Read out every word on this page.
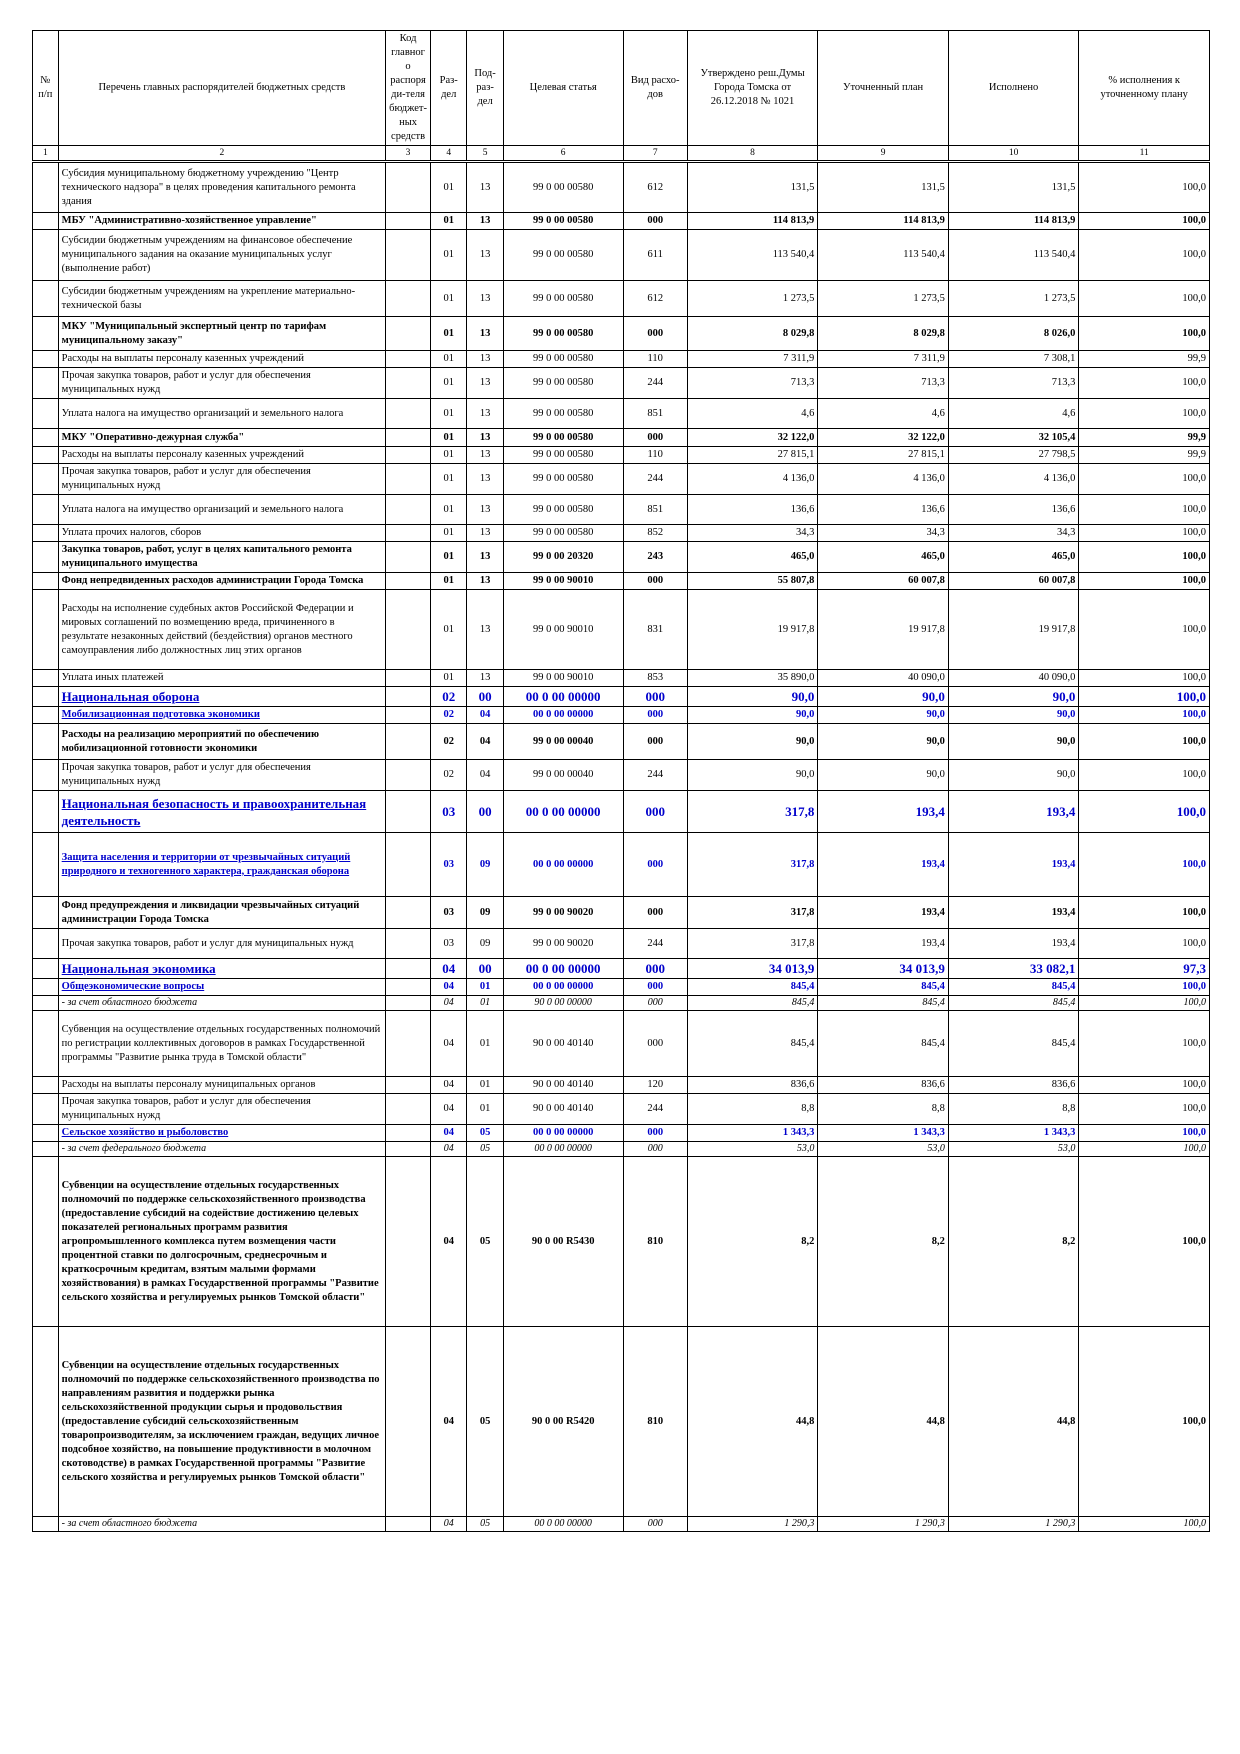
№ п/п	Перечень главных распорядителей бюджетных средств	Код главного распоряди-теля бюджет-ных средств	Раз-дел	Под-раз-дел	Целевая статья	Вид расхо-дов	Утверждено реш.Думы Города Томска от 26.12.2018 № 1021	Уточненный план	Исполнено	% исполнения к уточненному плану
1	2	3	4	5	6	7	8	9	10	11
	Субсидия муниципальному бюджетному учреждению "Центр технического надзора" в целях проведения капитального ремонта здания		01	13	99 0 00 00580	612	131,5	131,5	131,5	100,0
	МБУ "Административно-хозяйственное управление"		01	13	99 0 00 00580	000	114 813,9	114 813,9	114 813,9	100,0
	Субсидии бюджетным учреждениям на финансовое обеспечение муниципального задания на оказание муниципальных услуг (выполнение работ)		01	13	99 0 00 00580	611	113 540,4	113 540,4	113 540,4	100,0
	Субсидии бюджетным учреждениям на укрепление материально-технической базы		01	13	99 0 00 00580	612	1 273,5	1 273,5	1 273,5	100,0
	МКУ "Муниципальный экспертный центр по тарифам муниципальному заказу"		01	13	99 0 00 00580	000	8 029,8	8 029,8	8 026,0	100,0
	Расходы на выплаты персоналу казенных учреждений		01	13	99 0 00 00580	110	7 311,9	7 311,9	7 308,1	99,9
	Прочая закупка товаров, работ и услуг для обеспечения муниципальных нужд		01	13	99 0 00 00580	244	713,3	713,3	713,3	100,0
	Уплата налога на имущество организаций и земельного налога		01	13	99 0 00 00580	851	4,6	4,6	4,6	100,0
	МКУ "Оперативно-дежурная служба"		01	13	99 0 00 00580	000	32 122,0	32 122,0	32 105,4	99,9
	Расходы на выплаты персоналу казенных учреждений		01	13	99 0 00 00580	110	27 815,1	27 815,1	27 798,5	99,9
	Прочая закупка товаров, работ и услуг для обеспечения муниципальных нужд		01	13	99 0 00 00580	244	4 136,0	4 136,0	4 136,0	100,0
	Уплата налога на имущество организаций и земельного налога		01	13	99 0 00 00580	851	136,6	136,6	136,6	100,0
	Уплата прочих налогов, сборов		01	13	99 0 00 00580	852	34,3	34,3	34,3	100,0
	Закупка товаров, работ, услуг в целях капитального ремонта муниципального имущества		01	13	99 0 00 20320	243	465,0	465,0	465,0	100,0
	Фонд непредвиденных расходов администрации Города Томска		01	13	99 0 00 90010	000	55 807,8	60 007,8	60 007,8	100,0
	Расходы на исполнение судебных актов Российской Федерации и мировых соглашений по возмещению вреда, причиненного в результате незаконных действий (бездействия) органов местного самоуправления либо должностных лиц этих органов		01	13	99 0 00 90010	831	19 917,8	19 917,8	19 917,8	100,0
	Уплата иных платежей		01	13	99 0 00 90010	853	35 890,0	40 090,0	40 090,0	100,0
	Национальная оборона		02	00	00 0 00 00000	000	90,0	90,0	90,0	100,0
	Мобилизационная подготовка экономики		02	04	00 0 00 00000	000	90,0	90,0	90,0	100,0
	Расходы на реализацию мероприятий по обеспечению мобилизационной готовности экономики		02	04	99 0 00 00040	000	90,0	90,0	90,0	100,0
	Прочая закупка товаров, работ и услуг для обеспечения муниципальных нужд		02	04	99 0 00 00040	244	90,0	90,0	90,0	100,0
	Национальная безопасность и правоохранительная деятельность		03	00	00 0 00 00000	000	317,8	193,4	193,4	100,0
	Защита населения и территории от чрезвычайных ситуаций природного и техногенного характера, гражданская оборона		03	09	00 0 00 00000	000	317,8	193,4	193,4	100,0
	Фонд предупреждения и ликвидации чрезвычайных ситуаций администрации Города Томска		03	09	99 0 00 90020	000	317,8	193,4	193,4	100,0
	Прочая закупка товаров, работ и услуг для муниципальных нужд		03	09	99 0 00 90020	244	317,8	193,4	193,4	100,0
	Национальная экономика		04	00	00 0 00 00000	000	34 013,9	34 013,9	33 082,1	97,3
	Общеэкономические вопросы		04	01	00 0 00 00000	000	845,4	845,4	845,4	100,0
	- за счет областного бюджета		04	01	90 0 00 00000	000	845,4	845,4	845,4	100,0
	Субвенция на осуществление отдельных государственных полномочий по регистрации коллективных договоров в рамках Государственной программы "Развитие рынка труда в Томской области"		04	01	90 0 00 40140	000	845,4	845,4	845,4	100,0
	Расходы на выплаты персоналу муниципальных органов		04	01	90 0 00 40140	120	836,6	836,6	836,6	100,0
	Прочая закупка товаров, работ и услуг для обеспечения муниципальных нужд		04	01	90 0 00 40140	244	8,8	8,8	8,8	100,0
	Сельское хозяйство и рыболовство		04	05	00 0 00 00000	000	1 343,3	1 343,3	1 343,3	100,0
	- за счет федерального бюджета		04	05	00 0 00 00000	000	53,0	53,0	53,0	100,0
	Субвенции на осуществление отдельных государственных полномочий по поддержке сельскохозяйственного производства (предоставление субсидий на содействие достижению целевых показателей региональных программ развития агропромышленного комплекса путем возмещения части процентной ставки по долгосрочным, среднесрочным и краткосрочным кредитам, взятым малыми формами хозяйствования) в рамках Государственной программы "Развитие сельского хозяйства и регулируемых рынков Томской области"		04	05	90 0 00 R5430	810	8,2	8,2	8,2	100,0
	Субвенции на осуществление отдельных государственных полномочий по поддержке сельскохозяйственного производства по направлениям развития и поддержки рынка сельскохозяйственной продукции сырья и продовольствия (предоставление субсидий сельскохозяйственным товаропроизводителям, за исключением граждан, ведущих личное подсобное хозяйство, на повышение продуктивности в молочном скотоводстве) в рамках Государственной программы "Развитие сельского хозяйства и регулируемых рынков Томской области"		04	05	90 0 00 R5420	810	44,8	44,8	44,8	100,0
	- за счет областного бюджета		04	05	00 0 00 00000	000	1 290,3	1 290,3	1 290,3	100,0
